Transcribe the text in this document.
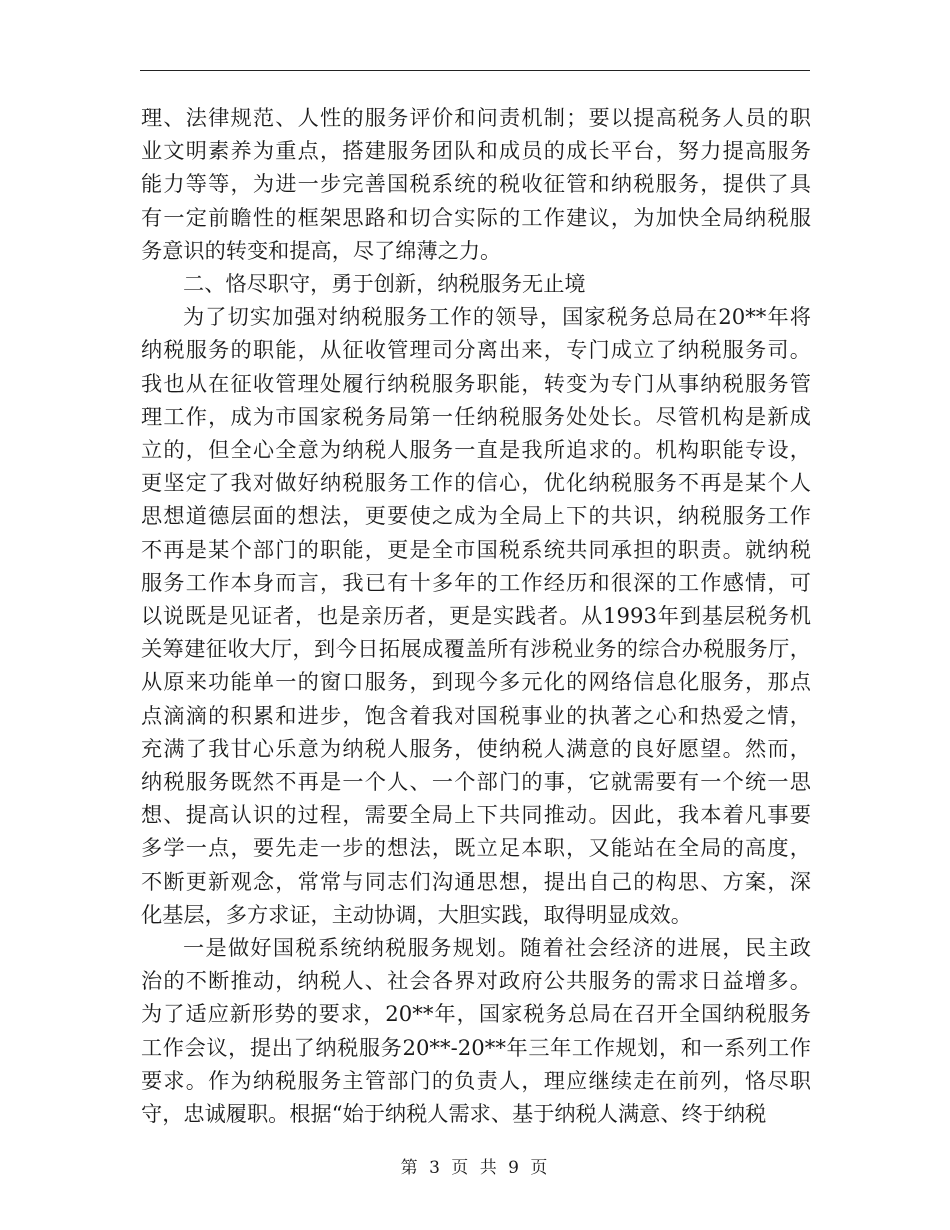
理、法律规范、人性的服务评价和问责机制；要以提高税务人员的职
业文明素养为重点，搭建服务团队和成员的成长平台，努力提高服务
能力等等，为进一步完善国税系统的税收征管和纳税服务，提供了具
有一定前瞻性的框架思路和切合实际的工作建议，为加快全局纳税服
务意识的转变和提高，尽了绵薄之力。
二、恪尽职守，勇于创新，纳税服务无止境
为了切实加强对纳税服务工作的领导，国家税务总局在20**年将
纳税服务的职能，从征收管理司分离出来，专门成立了纳税服务司。
我也从在征收管理处履行纳税服务职能，转变为专门从事纳税服务管
理工作，成为市国家税务局第一任纳税服务处处长。尽管机构是新成
立的，但全心全意为纳税人服务一直是我所追求的。机构职能专设，
更坚定了我对做好纳税服务工作的信心，优化纳税服务不再是某个人
思想道德层面的想法，更要使之成为全局上下的共识，纳税服务工作
不再是某个部门的职能，更是全市国税系统共同承担的职责。就纳税
服务工作本身而言，我已有十多年的工作经历和很深的工作感情，可
以说既是见证者，也是亲历者，更是实践者。从1993年到基层税务机
关筹建征收大厅，到今日拓展成覆盖所有涉税业务的综合办税服务厅，
从原来功能单一的窗口服务，到现今多元化的网络信息化服务，那点
点滴滴的积累和进步，饱含着我对国税事业的执著之心和热爱之情，
充满了我甘心乐意为纳税人服务，使纳税人满意的良好愿望。然而，
纳税服务既然不再是一个人、一个部门的事，它就需要有一个统一思
想、提高认识的过程，需要全局上下共同推动。因此，我本着凡事要
多学一点，要先走一步的想法，既立足本职，又能站在全局的高度，
不断更新观念，常常与同志们沟通思想，提出自己的构思、方案，深
化基层，多方求证，主动协调，大胆实践，取得明显成效。
一是做好国税系统纳税服务规划。随着社会经济的进展，民主政
治的不断推动，纳税人、社会各界对政府公共服务的需求日益增多。
为了适应新形势的要求，20**年，国家税务总局在召开全国纳税服务
工作会议，提出了纳税服务20**-20**年三年工作规划，和一系列工作
要求。作为纳税服务主管部门的负责人，理应继续走在前列，恪尽职
守，忠诚履职。根据“始于纳税人需求、基于纳税人满意、终于纳税
第 3 页 共 9 页
